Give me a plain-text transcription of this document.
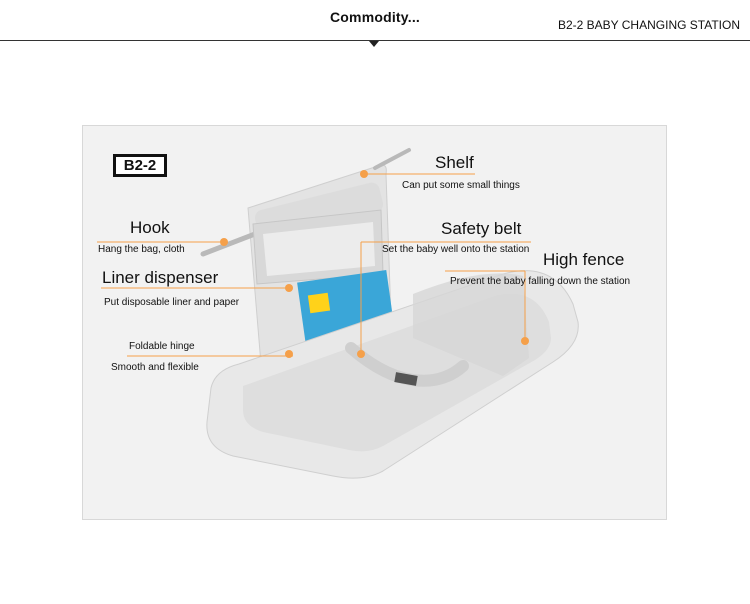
Commodity...	B2-2 BABY CHANGING STATION
B2-2	Shelf
Can put some small things
Hook
Hang the bag, cloth
Liner dispenser
Put disposable liner and paper
Safety belt
Set the baby well onto the station
High fence
Prevent the baby falling down the station
Foldable hinge
Smooth and flexible
